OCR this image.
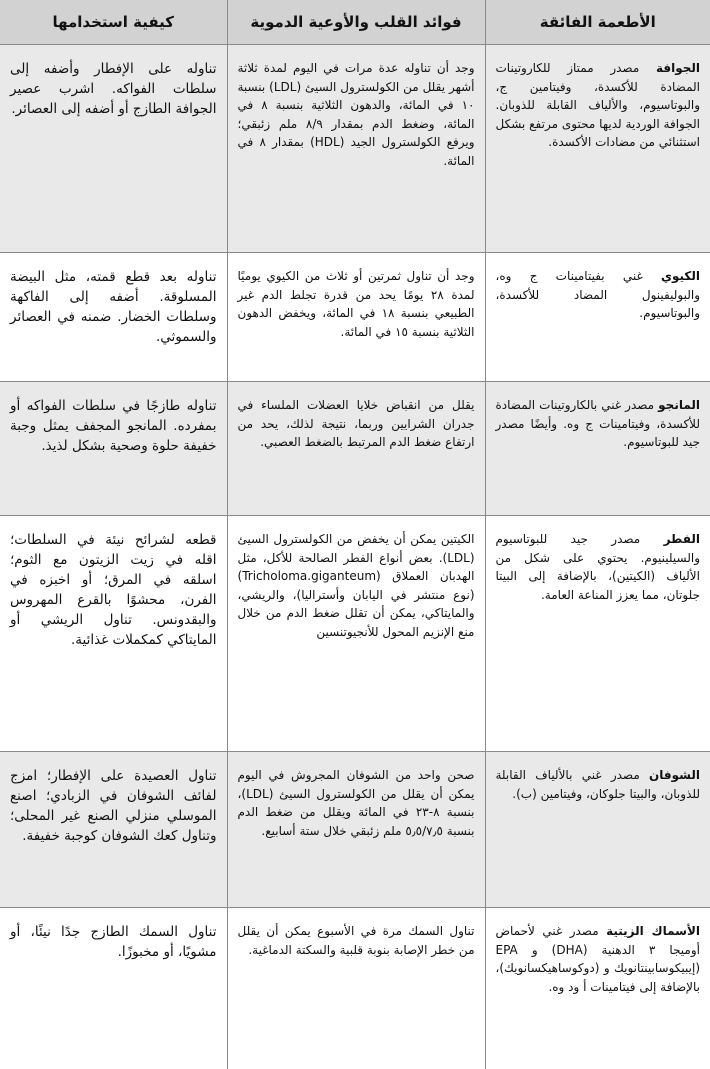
الأطعمة الفائقة	فوائد القلب والأوعية الدموية	كيفية استخدامها
الجوافة مصدر ممتاز للكاروتينات المضادة للأكسدة، وفيتامين ج، والبوتاسيوم، والألياف القابلة للذوبان. الجوافة الوردية لديها محتوى مرتفع بشكل استثنائي من مضادات الأكسدة.	وجد أن تناوله عدة مرات في اليوم لمدة ثلاثة أشهر يقلل من الكولسترول السيئ (LDL) بنسبة ١٠ في المائة، والدهون الثلاثية بنسبة ٨ في المائة، وضغط الدم بمقدار ٨/٩ ملم زئبقي؛ ويرفع الكولسترول الجيد (HDL) بمقدار ٨ في المائة.	تناوله على الإفطار وأضفه إلى سلطات الفواكه. اشرب عصير الجوافة الطازج أو أضفه إلى العصائر.
الكيوي غني بفيتامينات ج وه، والبوليفينول المضاد للأكسدة، والبوتاسيوم.	وجد أن تناول ثمرتين أو ثلاث من الكيوي يوميًا لمدة ٢٨ يومًا يحد من قدرة تجلط الدم غير الطبيعي بنسبة ١٨ في المائة، ويخفض الدهون الثلاثية بنسبة ١٥ في المائة.	تناوله بعد قطع قمته، مثل البيضة المسلوقة. أضفه إلى الفاكهة وسلطات الخضار. ضمنه في العصائر والسموثي.
المانجو مصدر غني بالكاروتينات المضادة للأكسدة، وفيتامينات ج وه. وأيضًا مصدر جيد للبوتاسيوم.	يقلل من انقباض خلايا العضلات الملساء في جدران الشرايين وربما، نتيجة لذلك، يحد من ارتفاع ضغط الدم المرتبط بالضغط العصبي.	تناوله طازجًا في سلطات الفواكه أو بمفرده. المانجو المجفف يمثل وجبة خفيفة حلوة وصحية بشكل لذيذ.
الفطر مصدر جيد للبوتاسيوم والسيلينيوم. يحتوي على شكل من الألياف (الكيتين)، بالإضافة إلى البيتا جلوتان، مما يعزز المناعة العامة.	الكيتين يمكن أن يخفض من الكولسترول السيئ (LDL). بعض أنواع الفطر الصالحة للأكل، مثل الهدبان العملاق (Tricholoma.giganteum) (نوع منتشر في اليابان وأستراليا)، والريشي، والمايتاكي، يمكن أن تقلل ضغط الدم من خلال منع الإنزيم المحول للأنجيوتنسين	قطعه لشرائح نيئة في السلطات؛ اقله في زيت الزيتون مع الثوم؛ اسلقه في المرق؛ أو اخبزه في الفرن، محشوًا بالقرع المهروس والبقدونس. تناول الريشي أو المايتاكي كمكملات غذائية.
الشوفان مصدر غني بالألياف القابلة للذوبان، والبيتا جلوكان، وفيتامين (ب).	صحن واحد من الشوفان المجروش في اليوم يمكن أن يقلل من الكولسترول السيئ (LDL)، بنسبة ٨-٢٣ في المائة ويقلل من ضغط الدم بنسبة ٥٫٥/٧٫٥ ملم زئبقي خلال ستة أسابيع.	تناول العصيدة على الإفطار؛ امزج لفائف الشوفان في الزبادي؛ اصنع الموسلي منزلي الصنع غير المحلى؛ وتناول كعك الشوفان كوجبة خفيفة.
الأسماك الزيتية مصدر غني لأحماض أوميجا ٣ الدهنية (DHA) و EPA (إيبيكوسابينتانويك و (دوكوساهيكسانويك)، بالإضافة إلى فيتامينات أ ود وه.	تناول السمك مرة في الأسبوع يمكن أن يقلل من خطر الإصابة بنوبة قلبية والسكتة الدماغية.	تناول السمك الطازج جدًا نيئًا، أو مشويًا، أو مخبوزًا.
